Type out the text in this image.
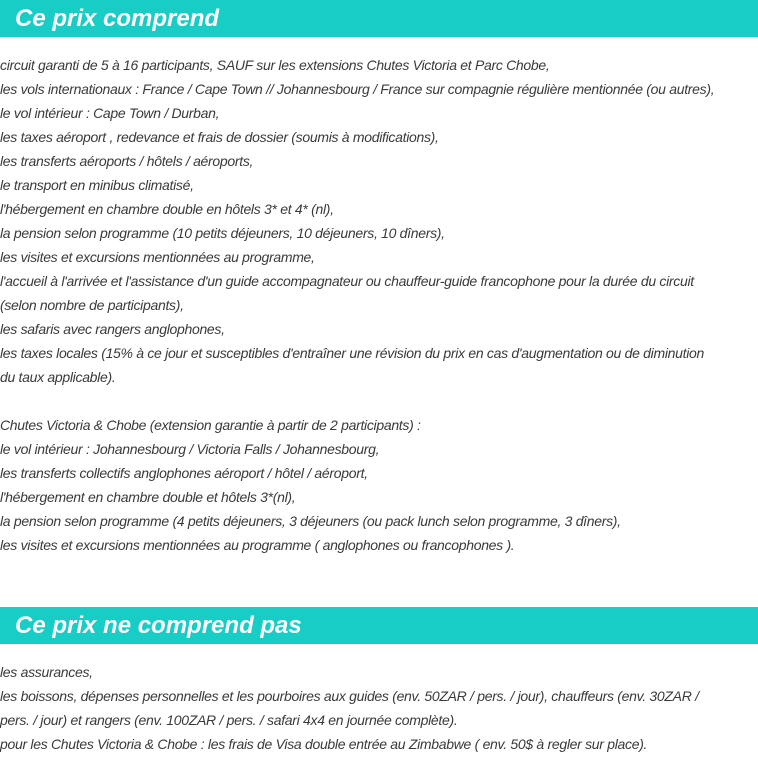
Ce prix comprend
circuit garanti de 5 à 16 participants, SAUF sur les extensions Chutes Victoria et Parc Chobe,
les vols internationaux : France / Cape Town // Johannesbourg / France sur compagnie régulière mentionnée (ou autres),
le vol intérieur : Cape Town / Durban,
les taxes aéroport , redevance et frais de dossier (soumis à modifications),
les transferts aéroports / hôtels / aéroports,
le transport en minibus climatisé,
l'hébergement en chambre double en hôtels 3* et 4* (nl),
la pension selon programme (10 petits déjeuners, 10 déjeuners, 10 dîners),
les visites et excursions mentionnées au programme,
l'accueil à l'arrivée et l'assistance d'un guide accompagnateur ou chauffeur-guide francophone pour la durée du circuit
(selon nombre de participants),
les safaris avec rangers anglophones,
les taxes locales (15% à ce jour et susceptibles d'entraîner une révision du prix en cas d'augmentation ou de diminution
du taux applicable).
Chutes Victoria & Chobe (extension garantie à partir de 2 participants) :
le vol intérieur : Johannesbourg / Victoria Falls / Johannesbourg,
les transferts collectifs anglophones aéroport / hôtel / aéroport,
l'hébergement en chambre double et hôtels 3*(nl),
la pension selon programme (4 petits déjeuners, 3 déjeuners (ou pack lunch selon programme, 3 dîners),
les visites et excursions mentionnées au programme ( anglophones ou francophones ).
Ce prix ne comprend pas
les assurances,
les boissons, dépenses personnelles et les pourboires aux guides (env. 50ZAR / pers. / jour), chauffeurs (env. 30ZAR /
pers. / jour) et rangers (env. 100ZAR / pers. / safari 4x4 en journée complète).
pour les Chutes Victoria & Chobe : les frais de Visa double entrée au Zimbabwe ( env. 50$ à regler sur place).
